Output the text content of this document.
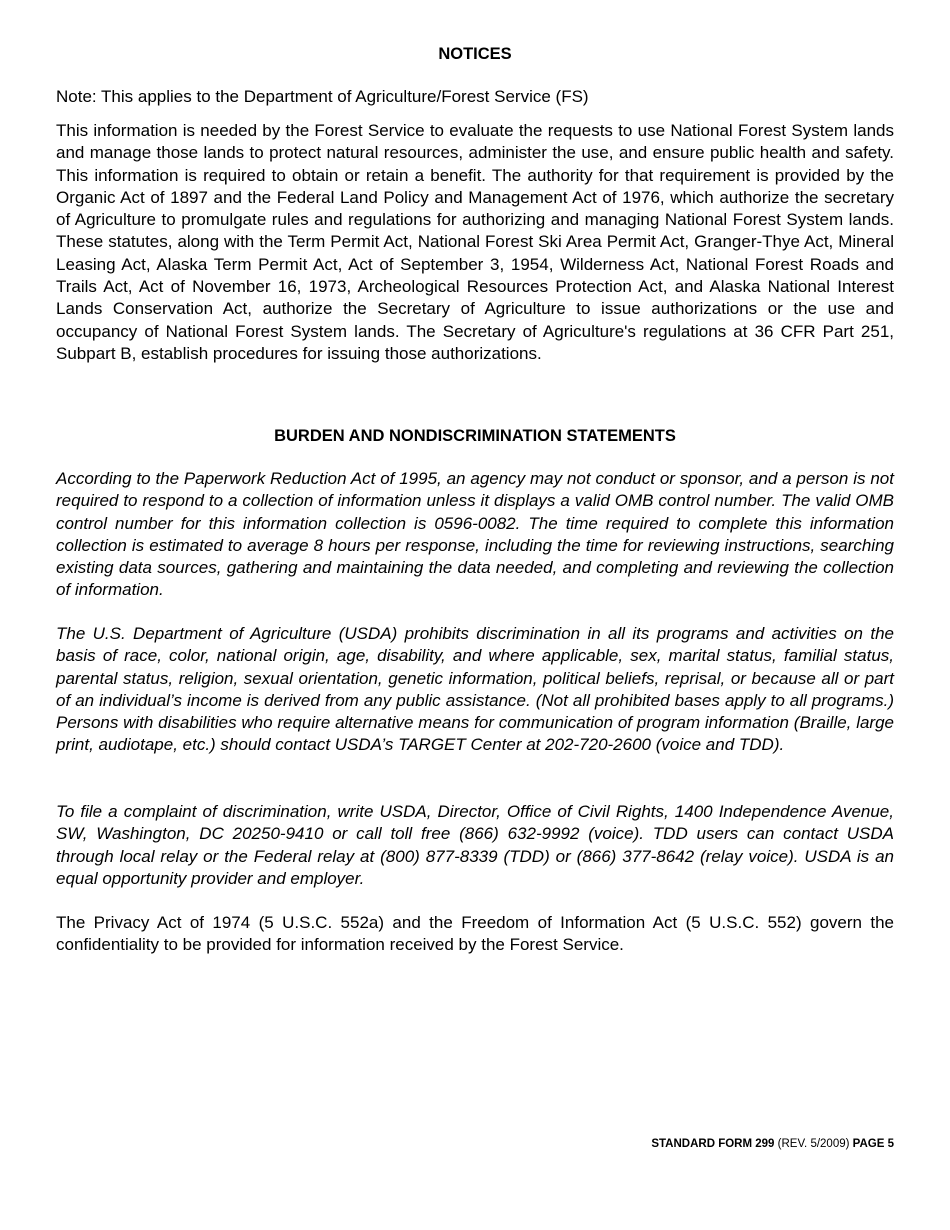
NOTICES

Note: This applies to the Department of Agriculture/Forest Service (FS)

This information is needed by the Forest Service to evaluate the requests to use National Forest System lands and manage those lands to protect natural resources, administer the use, and ensure public health and safety. This information is required to obtain or retain a benefit. The authority for that requirement is provided by the Organic Act of 1897 and the Federal Land Policy and Management Act of 1976, which authorize the secretary of Agriculture to promulgate rules and regulations for authorizing and managing National Forest System lands. These statutes, along with the Term Permit Act, National Forest Ski Area Permit Act, Granger-Thye Act, Mineral Leasing Act, Alaska Term Permit Act, Act of September 3, 1954, Wilderness Act, National Forest Roads and Trails Act, Act of November 16, 1973, Archeological Resources Protection Act, and Alaska National Interest Lands Conservation Act, authorize the Secretary of Agriculture to issue authorizations or the use and occupancy of National Forest System lands. The Secretary of Agriculture's regulations at 36 CFR Part 251, Subpart B, establish procedures for issuing those authorizations.

BURDEN AND NONDISCRIMINATION STATEMENTS

According to the Paperwork Reduction Act of 1995, an agency may not conduct or sponsor, and a person is not required to respond to a collection of information unless it displays a valid OMB control number. The valid OMB control number for this information collection is 0596-0082. The time required to complete this information collection is estimated to average 8 hours per response, including the time for reviewing instructions, searching existing data sources, gathering and maintaining the data needed, and completing and reviewing the collection of information.

The U.S. Department of Agriculture (USDA) prohibits discrimination in all its programs and activities on the basis of race, color, national origin, age, disability, and where applicable, sex, marital status, familial status, parental status, religion, sexual orientation, genetic information, political beliefs, reprisal, or because all or part of an individual’s income is derived from any public assistance. (Not all prohibited bases apply to all programs.) Persons with disabilities who require alternative means for communication of program information (Braille, large print, audiotape, etc.) should contact USDA’s TARGET Center at 202-720-2600 (voice and TDD).

To file a complaint of discrimination, write USDA, Director, Office of Civil Rights, 1400 Independence Avenue, SW, Washington, DC 20250-9410 or call toll free (866) 632-9992 (voice). TDD users can contact USDA through local relay or the Federal relay at (800) 877-8339 (TDD) or (866) 377-8642 (relay voice). USDA is an equal opportunity provider and employer.

The Privacy Act of 1974 (5 U.S.C. 552a) and the Freedom of Information Act (5 U.S.C. 552) govern the confidentiality to be provided for information received by the Forest Service.

STANDARD FORM 299 (REV. 5/2009) PAGE 5
